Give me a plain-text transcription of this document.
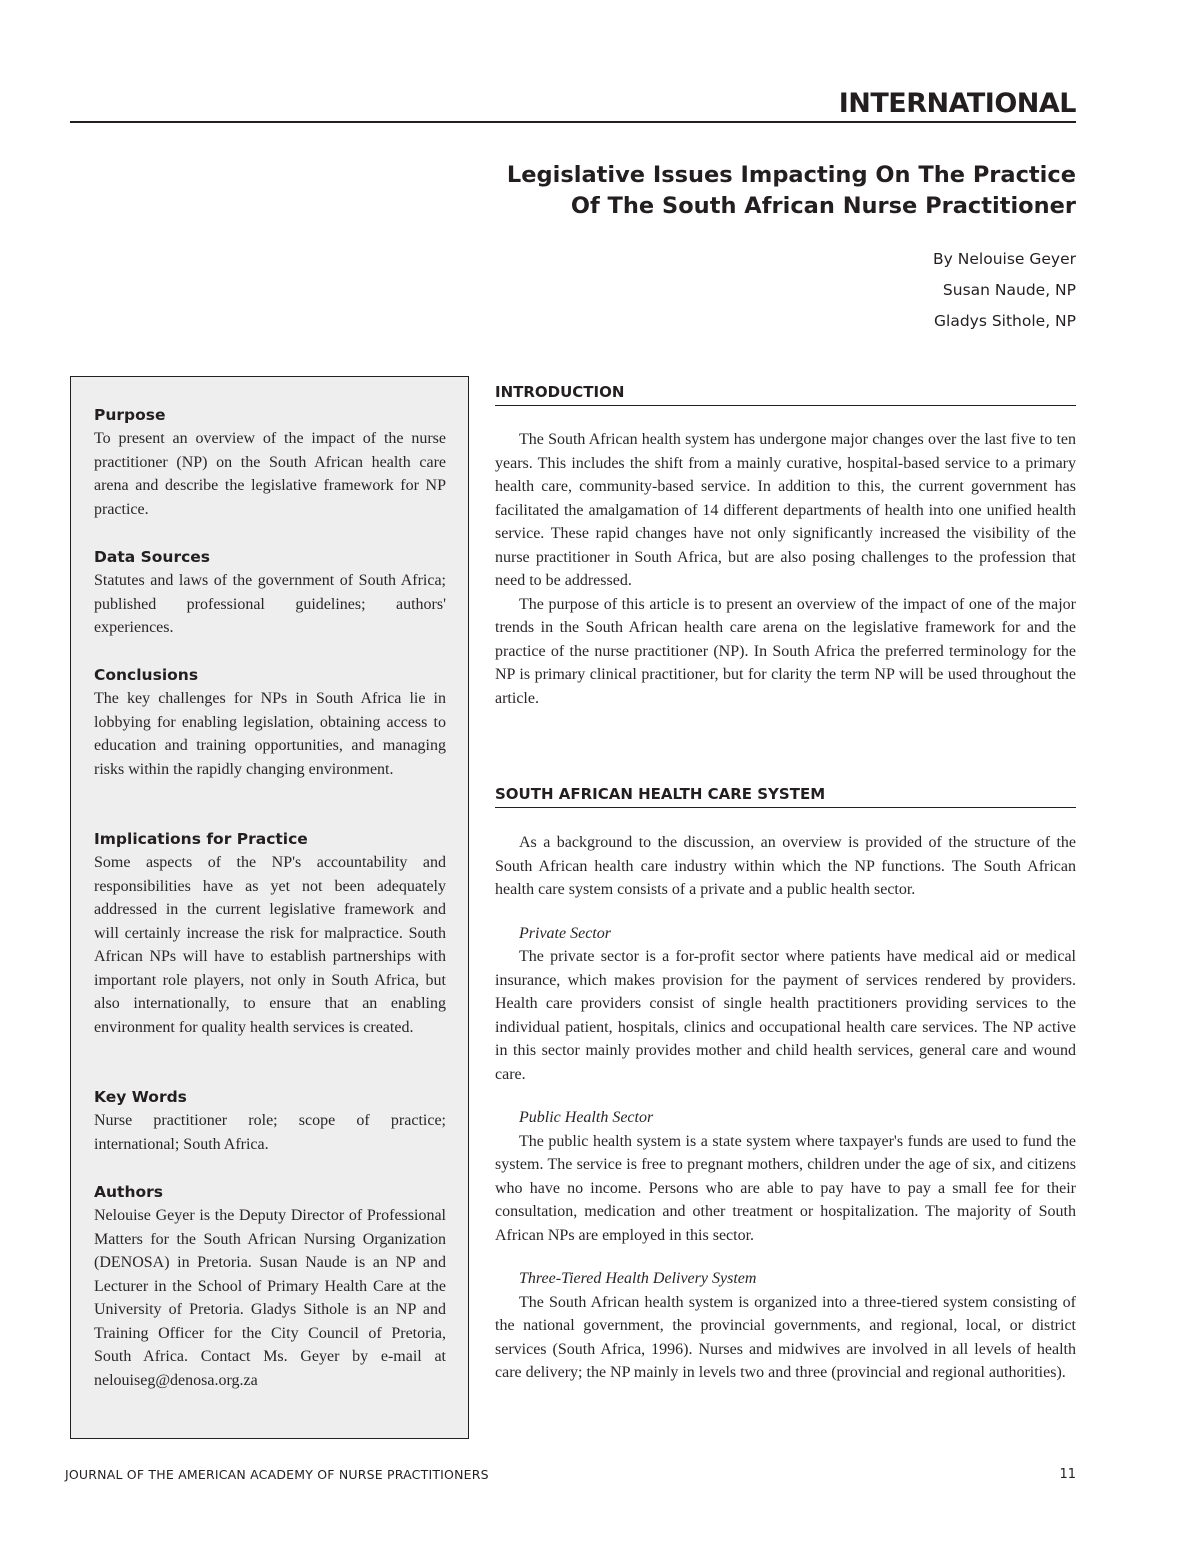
INTERNATIONAL
Legislative Issues Impacting On The Practice
Of The South African Nurse Practitioner
By Nelouise Geyer
Susan Naude, NP
Gladys Sithole, NP
Purpose
To present an overview of the impact of the nurse practitioner (NP) on the South African health care arena and describe the legislative framework for NP practice.
Data Sources
Statutes and laws of the government of South Africa; published professional guidelines; authors' experiences.
Conclusions
The key challenges for NPs in South Africa lie in lobbying for enabling legislation, obtaining access to education and training opportunities, and managing risks within the rapidly changing environment.
Implications for Practice
Some aspects of the NP's accountability and responsibilities have as yet not been adequately addressed in the current legislative framework and will certainly increase the risk for malpractice. South African NPs will have to establish partnerships with important role players, not only in South Africa, but also internationally, to ensure that an enabling environment for quality health services is created.
Key Words
Nurse practitioner role; scope of practice; international; South Africa.
Authors
Nelouise Geyer is the Deputy Director of Professional Matters for the South African Nursing Organization (DENOSA) in Pretoria. Susan Naude is an NP and Lecturer in the School of Primary Health Care at the University of Pretoria. Gladys Sithole is an NP and Training Officer for the City Council of Pretoria, South Africa. Contact Ms. Geyer by e-mail at nelouiseg@denosa.org.za
INTRODUCTION

The South African health system has undergone major changes over the last five to ten years. This includes the shift from a mainly curative, hospital-based service to a primary health care, community-based service. In addition to this, the current government has facilitated the amalgamation of 14 different departments of health into one unified health service. These rapid changes have not only significantly increased the visibility of the nurse practitioner in South Africa, but are also posing challenges to the profession that need to be addressed.

The purpose of this article is to present an overview of the impact of one of the major trends in the South African health care arena on the legislative framework for and the practice of the nurse practitioner (NP). In South Africa the preferred terminology for the NP is primary clinical practitioner, but for clarity the term NP will be used throughout the article.

SOUTH AFRICAN HEALTH CARE SYSTEM

As a background to the discussion, an overview is provided of the structure of the South African health care industry within which the NP functions. The South African health care system consists of a private and a public health sector.

Private Sector

The private sector is a for-profit sector where patients have medical aid or medical insurance, which makes provision for the payment of services rendered by providers. Health care providers consist of single health practitioners providing services to the individual patient, hospitals, clinics and occupational health care services. The NP active in this sector mainly provides mother and child health services, general care and wound care.

Public Health Sector

The public health system is a state system where taxpayer's funds are used to fund the system. The service is free to pregnant mothers, children under the age of six, and citizens who have no income. Persons who are able to pay have to pay a small fee for their consultation, medication and other treatment or hospitalization. The majority of South African NPs are employed in this sector.

Three-Tiered Health Delivery System

The South African health system is organized into a three-tiered system consisting of the national government, the provincial governments, and regional, local, or district services (South Africa, 1996). Nurses and midwives are involved in all levels of health care delivery; the NP mainly in levels two and three (provincial and regional authorities).

JOURNAL OF THE AMERICAN ACADEMY OF NURSE PRACTITIONERS	11
